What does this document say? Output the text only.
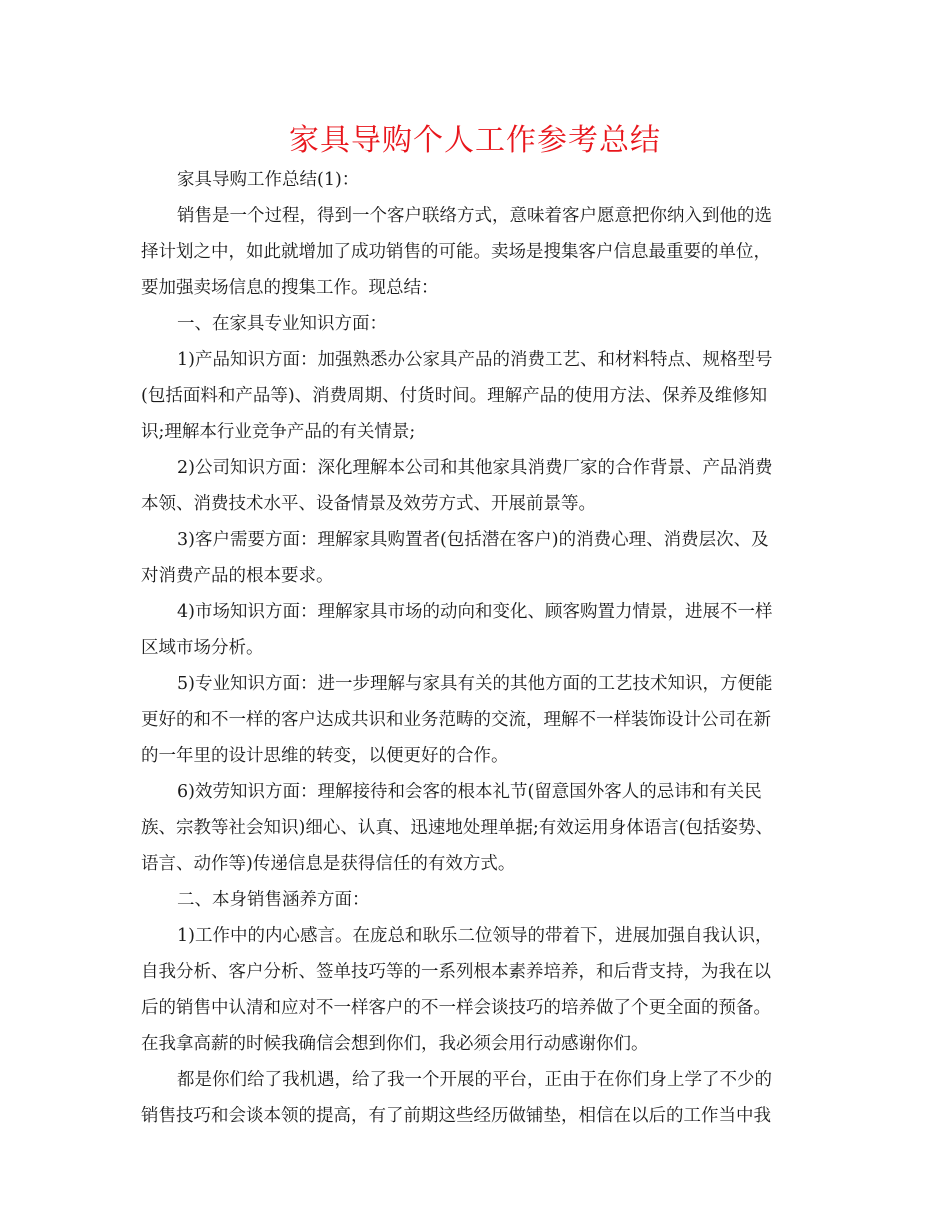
家具导购个人工作参考总结
家具导购工作总结(1)：
销售是一个过程，得到一个客户联络方式，意味着客户愿意把你纳入到他的选
择计划之中，如此就增加了成功销售的可能。卖场是搜集客户信息最重要的单位，
要加强卖场信息的搜集工作。现总结：
一、在家具专业知识方面：
1)产品知识方面：加强熟悉办公家具产品的消费工艺、和材料特点、规格型号
(包括面料和产品等)、消费周期、付货时间。理解产品的使用方法、保养及维修知
识;理解本行业竞争产品的有关情景;
2)公司知识方面：深化理解本公司和其他家具消费厂家的合作背景、产品消费
本领、消费技术水平、设备情景及效劳方式、开展前景等。
3)客户需要方面：理解家具购置者(包括潜在客户)的消费心理、消费层次、及
对消费产品的根本要求。
4)市场知识方面：理解家具市场的动向和变化、顾客购置力情景，进展不一样
区域市场分析。
5)专业知识方面：进一步理解与家具有关的其他方面的工艺技术知识，方便能
更好的和不一样的客户达成共识和业务范畴的交流，理解不一样装饰设计公司在新
的一年里的设计思维的转变，以便更好的合作。
6)效劳知识方面：理解接待和会客的根本礼节(留意国外客人的忌讳和有关民
族、宗教等社会知识)细心、认真、迅速地处理单据;有效运用身体语言(包括姿势、
语言、动作等)传递信息是获得信任的有效方式。
二、本身销售涵养方面：
1)工作中的内心感言。在庞总和耿乐二位领导的带着下，进展加强自我认识，
自我分析、客户分析、签单技巧等的一系列根本素养培养，和后背支持，为我在以
后的销售中认清和应对不一样客户的不一样会谈技巧的培养做了个更全面的预备。
在我拿高薪的时候我确信会想到你们，我必须会用行动感谢你们。
都是你们给了我机遇，给了我一个开展的平台，正由于在你们身上学了不少的
销售技巧和会谈本领的提高，有了前期这些经历做铺垫，相信在以后的工作当中我
